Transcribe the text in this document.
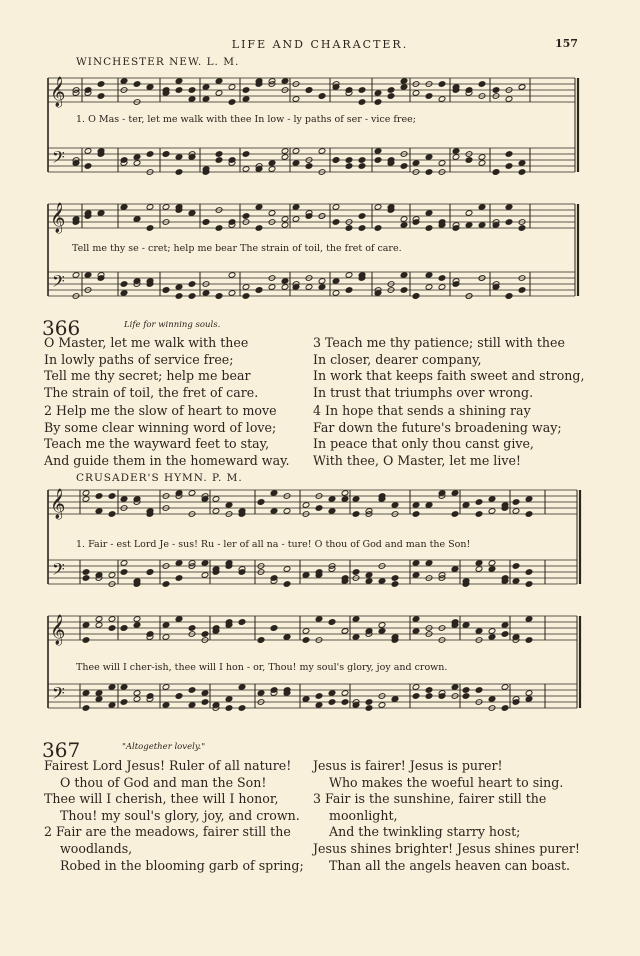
LIFE AND CHARACTER.	157
WINCHESTER NEW. L. M.
𝄞
𝄢
𝄞
𝄢
𝄞
𝄢
𝄞
𝄢
1. O Mas - ter, let me walk with thee In low - ly paths of ser - vice free;
Tell me thy se - cret; help me bear The strain of toil, the fret of care.
366	Life for winning souls.
O Master, let me walk with thee
In lowly paths of service free;
Tell me thy secret; help me bear
The strain of toil, the fret of care.
2 Help me the slow of heart to move
By some clear winning word of love;
Teach me the wayward feet to stay,
And guide them in the homeward way.
3 Teach me thy patience; still with thee
In closer, dearer company,
In work that keeps faith sweet and strong,
In trust that triumphs over wrong.
4 In hope that sends a shining ray
Far down the future's broadening way;
In peace that only thou canst give,
With thee, O Master, let me live!
CRUSADER'S HYMN. P. M.
1. Fair - est Lord Je - sus! Ru - ler of all na - ture! O thou of God and man the Son!
Thee will I cher-ish, thee will I hon - or, Thou! my soul's glory, joy and crown.
367	"Altogether lovely."
Fairest Lord Jesus! Ruler of all nature!
O thou of God and man the Son!
Thee will I cherish, thee will I honor,
Thou! my soul's glory, joy, and crown.
2 Fair are the meadows, fairer still the
woodlands,
Robed in the blooming garb of spring;
Jesus is fairer! Jesus is purer!
Who makes the woeful heart to sing.
3 Fair is the sunshine, fairer still the
moonlight,
And the twinkling starry host;
Jesus shines brighter! Jesus shines purer!
Than all the angels heaven can boast.
